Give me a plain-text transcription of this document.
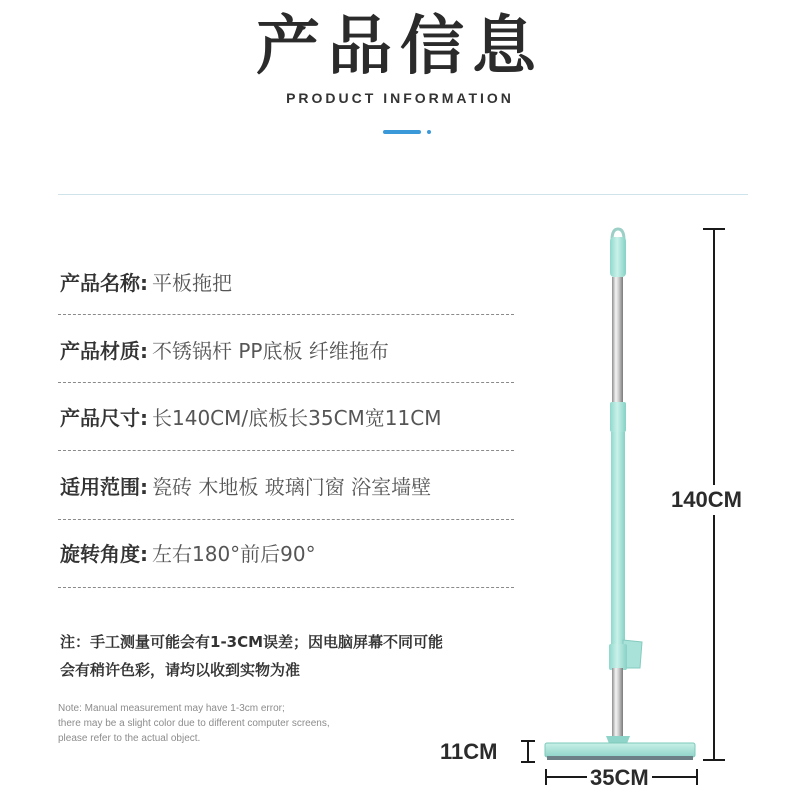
产品信息
PRODUCT INFORMATION
产品名称: 平板拖把
产品材质: 不锈锅杆 PP底板 纤维拖布
产品尺寸: 长140CM/底板长35CM宽11CM
适用范围: 瓷砖 木地板 玻璃门窗 浴室墙壁
旋转角度: 左右180°前后90°
注：手工测量可能会有1-3CM误差；因电脑屏幕不同可能
会有稍许色彩，请均以收到实物为准
Note: Manual measurement may have 1-3cm error;
there may be a slight color due to different computer screens,
please refer to the actual object.
140CM
11CM
35CM
